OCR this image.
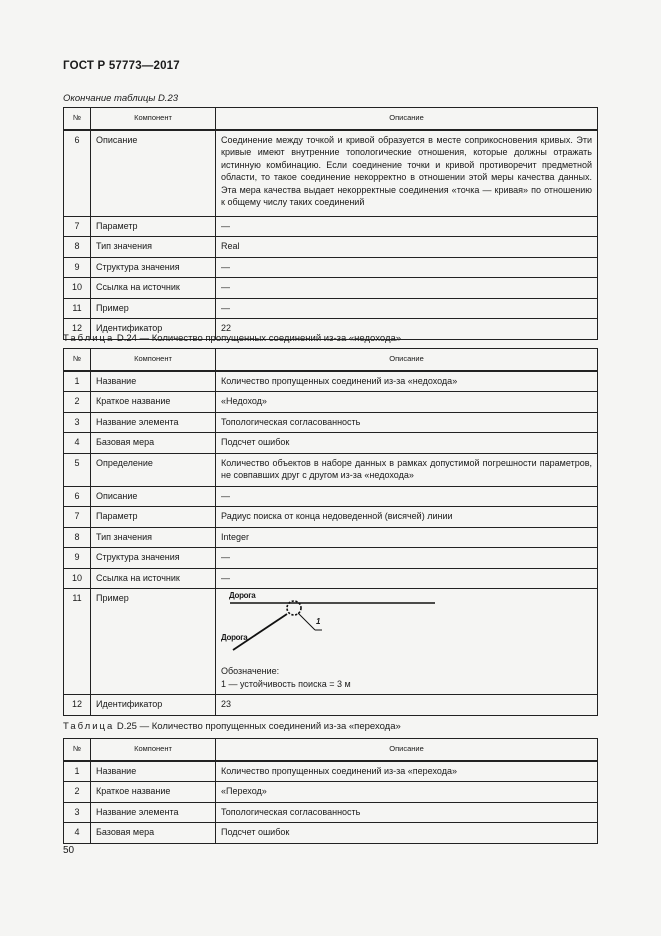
ГОСТ Р 57773—2017
Окончание таблицы D.23
№	Компонент	Описание
6	Описание	Соединение между точкой и кривой образуется в месте соприкосновения кривых. Эти кривые имеют внутренние топологические отношения, которые должны отражать истинную комбинацию. Если соединение точки и кривой противоречит предметной области, то такое соединение некорректно в отношении этой меры качества данных. Эта мера качества выдает некорректные соединения «точка — кривая» по отношению к общему числу таких соединений
7	Параметр	—
8	Тип значения	Real
9	Структура значения	—
10	Ссылка на источник	—
11	Пример	—
12	Идентификатор	22
Таблица D.24 — Количество пропущенных соединений из-за «недохода»
№	Компонент	Описание
1	Название	Количество пропущенных соединений из-за «недохода»
2	Краткое название	«Недоход»
3	Название элемента	Топологическая согласованность
4	Базовая мера	Подсчет ошибок
5	Определение	Количество объектов в наборе данных в рамках допустимой погрешности параметров, не совпавших друг с другом из-за «недохода»
6	Описание	—
7	Параметр	Радиус поиска от конца недоведенной (висячей) линии
8	Тип значения	Integer
9	Структура значения	—
10	Ссылка на источник	—
11	Пример	Дорога
Дорога
1
Обозначение:
1 — устойчивость поиска = 3 м

12	Идентификатор	23
Таблица D.25 — Количество пропущенных соединений из-за «перехода»
№	Компонент	Описание
1	Название	Количество пропущенных соединений из-за «перехода»
2	Краткое название	«Переход»
3	Название элемента	Топологическая согласованность
4	Базовая мера	Подсчет ошибок
50
